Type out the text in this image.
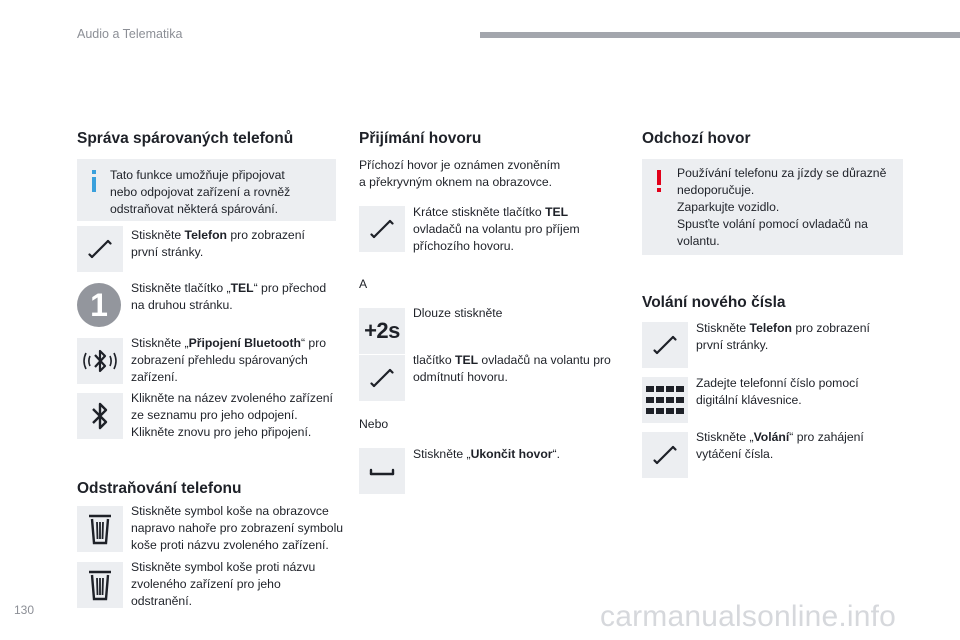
Audio a Telematika
Správa spárovaných telefonů
Tato funkce umožňuje připojovat
nebo odpojovat zařízení a rovněž
odstraňovat některá spárování.
Stiskněte Telefon pro zobrazení
první stránky.
1	Stiskněte tlačítko „TEL“ pro přechod
na druhou stránku.
Stiskněte „Připojení Bluetooth“ pro
zobrazení přehledu spárovaných
zařízení.
Klikněte na název zvoleného zařízení
ze seznamu pro jeho odpojení.
Klikněte znovu pro jeho připojení.
Odstraňování telefonu
Stiskněte symbol koše na obrazovce
napravo nahoře pro zobrazení symbolu
koše proti názvu zvoleného zařízení.
Stiskněte symbol koše proti názvu
zvoleného zařízení pro jeho
odstranění.
Přijímání hovoru
Příchozí hovor je oznámen zvoněním
a překryvným oknem na obrazovce.
Krátce stiskněte tlačítko TEL
ovladačů na volantu pro příjem
příchozího hovoru.
A
+2s
Dlouze stiskněte
tlačítko TEL ovladačů na volantu pro
odmítnutí hovoru.
Nebo
Stiskněte „Ukončit hovor“.
Odchozí hovor
Používání telefonu za jízdy se důrazně
nedoporučuje.
Zaparkujte vozidlo.
Spusťte volání pomocí ovladačů na
volantu.
Volání nového čísla
Stiskněte Telefon pro zobrazení
první stránky.
Zadejte telefonní číslo pomocí
digitální klávesnice.
Stiskněte „Volání“ pro zahájení
vytáčení čísla.
130	carmanualsonline.info
